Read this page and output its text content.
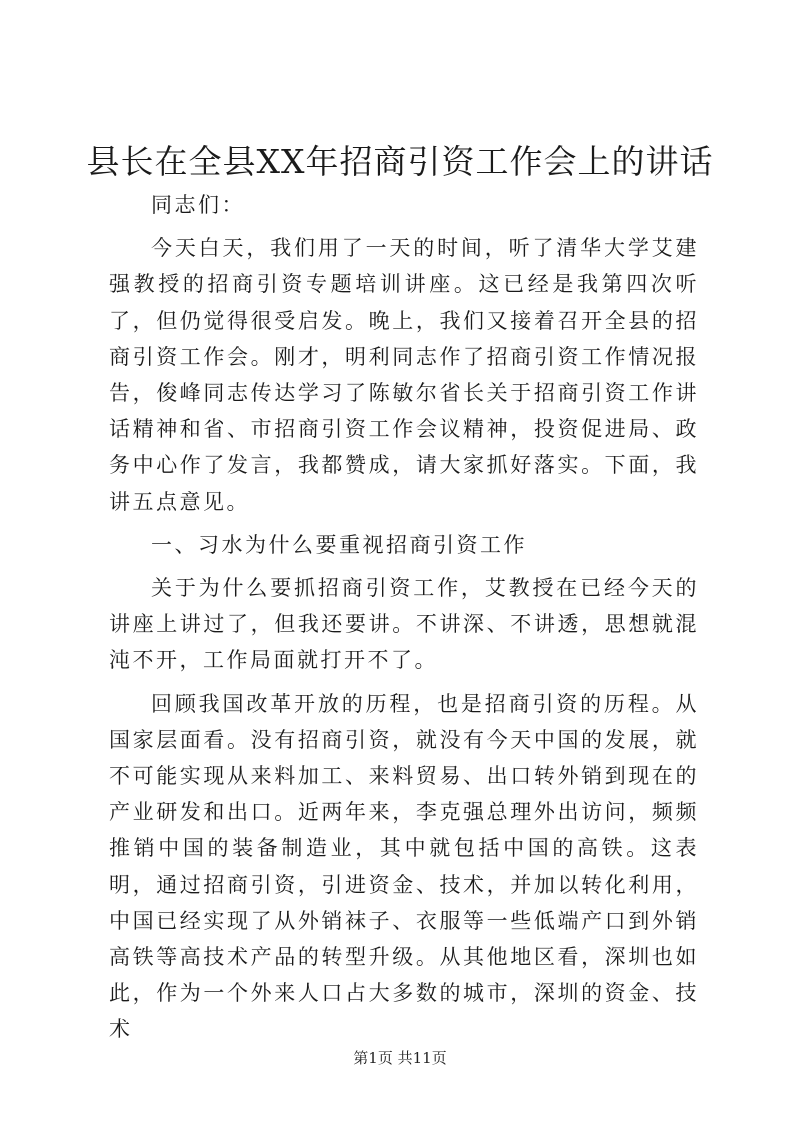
县长在全县XX年招商引资工作会上的讲话

同志们：

今天白天，我们用了一天的时间，听了清华大学艾建强教授的招商引资专题培训讲座。这已经是我第四次听了，但仍觉得很受启发。晚上，我们又接着召开全县的招商引资工作会。刚才，明利同志作了招商引资工作情况报告，俊峰同志传达学习了陈敏尔省长关于招商引资工作讲话精神和省、市招商引资工作会议精神，投资促进局、政务中心作了发言，我都赞成，请大家抓好落实。下面，我讲五点意见。

一、习水为什么要重视招商引资工作

关于为什么要抓招商引资工作，艾教授在已经今天的讲座上讲过了，但我还要讲。不讲深、不讲透，思想就混沌不开，工作局面就打开不了。

回顾我国改革开放的历程，也是招商引资的历程。从国家层面看。没有招商引资，就没有今天中国的发展，就不可能实现从来料加工、来料贸易、出口转外销到现在的产业研发和出口。近两年来，李克强总理外出访问，频频推销中国的装备制造业，其中就包括中国的高铁。这表明，通过招商引资，引进资金、技术，并加以转化利用，中国已经实现了从外销袜子、衣服等一些低端产口到外销高铁等高技术产品的转型升级。从其他地区看，深圳也如此，作为一个外来人口占大多数的城市，深圳的资金、技术

第1页 共11页
